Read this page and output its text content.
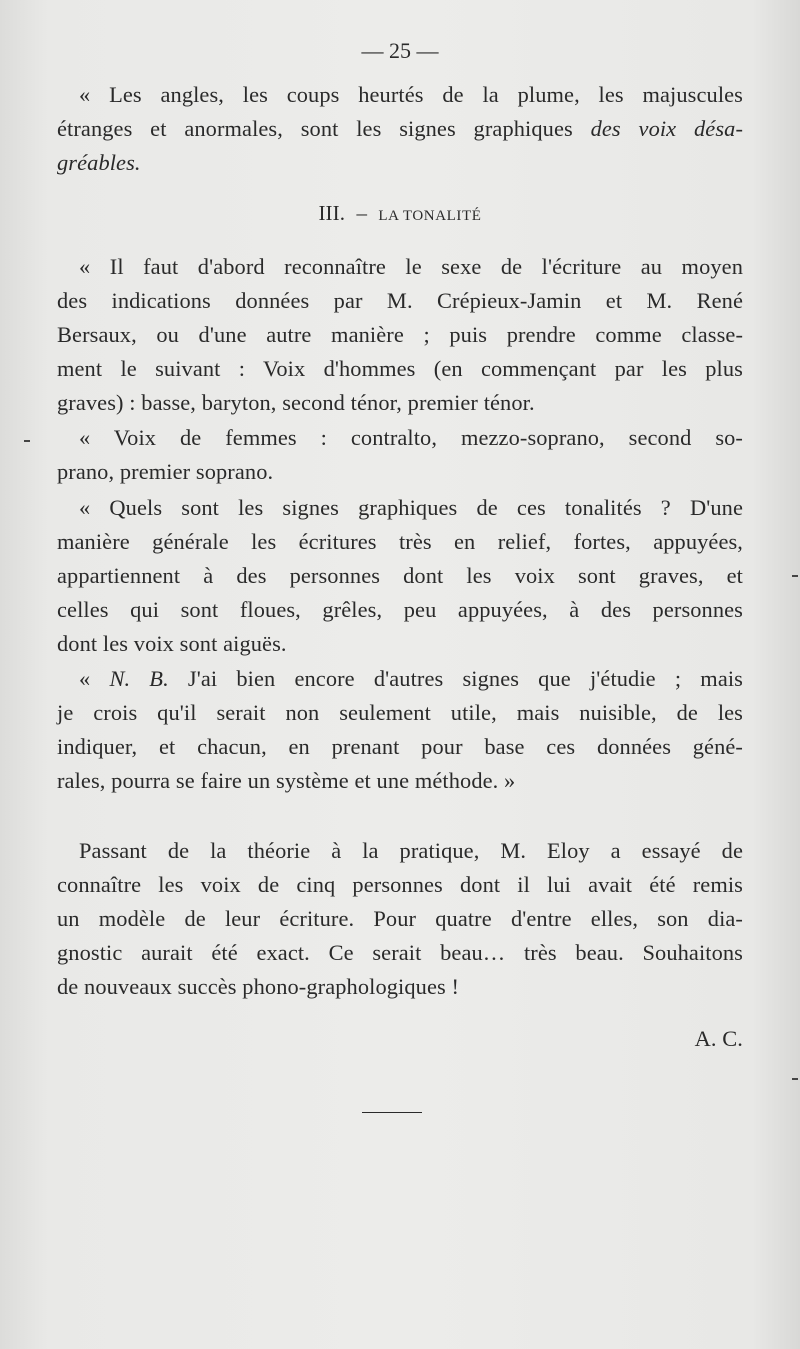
— 25 —
« Les angles, les coups heurtés de la plume, les majuscules
étranges et anormales, sont les signes graphiques des voix désa-
gréables.
III. – LA TONALITÉ
« Il faut d'abord reconnaître le sexe de l'écriture au moyen
des indications données par M. Crépieux-Jamin et M. René
Bersaux, ou d'une autre manière ; puis prendre comme classe-
ment le suivant : Voix d'hommes (en commençant par les plus
graves) : basse, baryton, second ténor, premier ténor.
« Voix de femmes : contralto, mezzo-soprano, second so-
prano, premier soprano.
« Quels sont les signes graphiques de ces tonalités ? D'une
manière générale les écritures très en relief, fortes, appuyées,
appartiennent à des personnes dont les voix sont graves, et
celles qui sont floues, grêles, peu appuyées, à des personnes
dont les voix sont aiguës.
« N. B. J'ai bien encore d'autres signes que j'étudie ; mais
je crois qu'il serait non seulement utile, mais nuisible, de les
indiquer, et chacun, en prenant pour base ces données géné-
rales, pourra se faire un système et une méthode. »
Passant de la théorie à la pratique, M. Eloy a essayé de
connaître les voix de cinq personnes dont il lui avait été remis
un modèle de leur écriture. Pour quatre d'entre elles, son dia-
gnostic aurait été exact. Ce serait beau… très beau. Souhaitons
de nouveaux succès phono-graphologiques !
A. C.
